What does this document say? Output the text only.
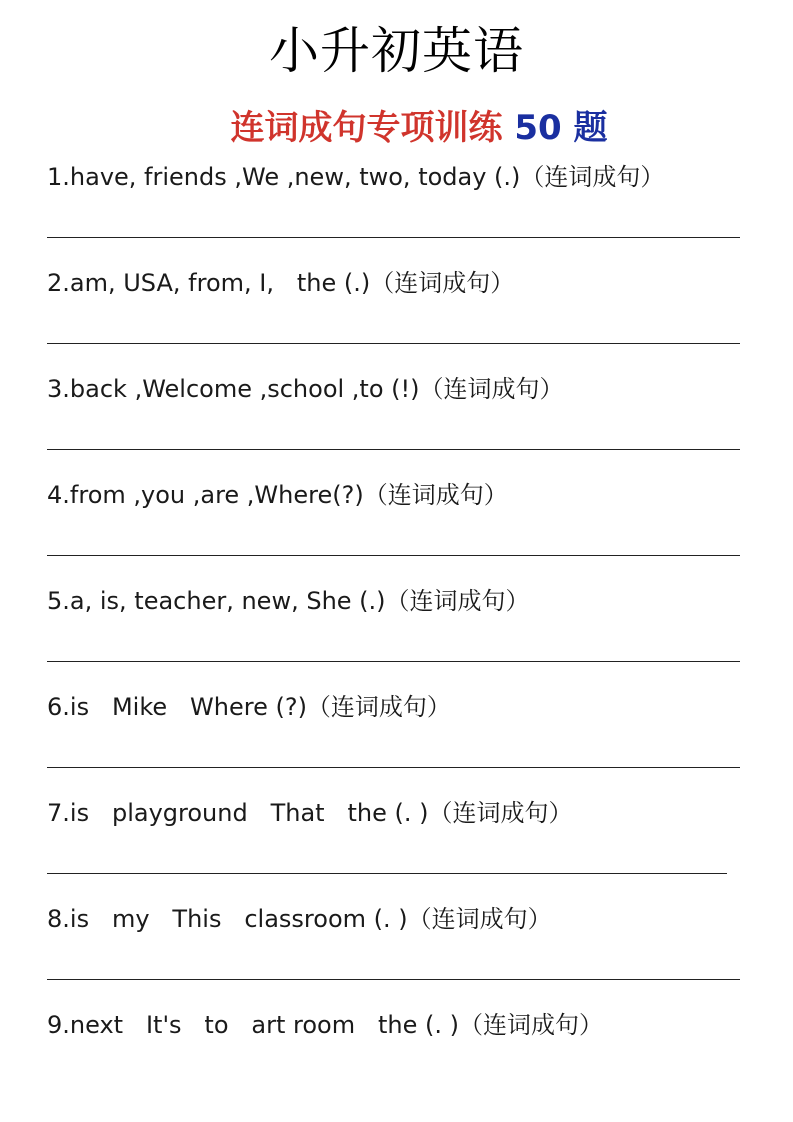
小升初英语
连词成句专项训练 50 题
1.have, friends ,We ,new, two, today (.)（连词成句）
2.am, USA, from, I,   the (.)（连词成句）
3.back ,Welcome ,school ,to (!)（连词成句）
4.from ,you ,are ,Where(?)（连词成句）
5.a, is, teacher, new, She (.)（连词成句）
6.is   Mike   Where (?)（连词成句）
7.is   playground   That   the (. )（连词成句）
8.is   my   This   classroom (. )（连词成句）
9.next   It's   to   art room   the (. )（连词成句）
